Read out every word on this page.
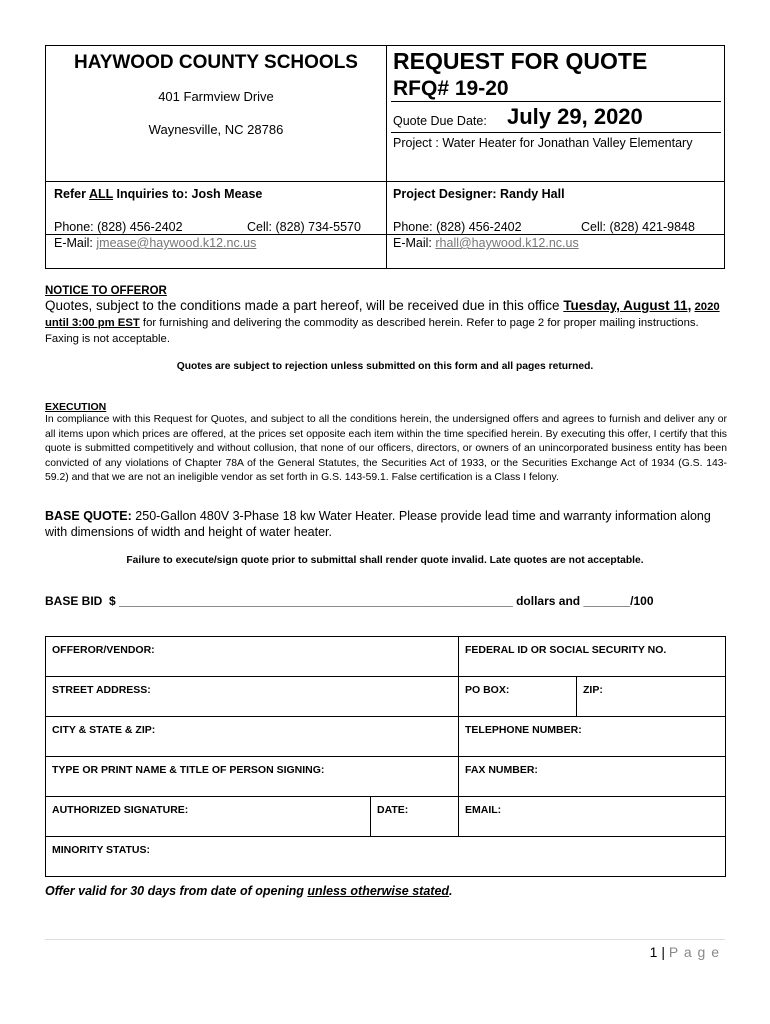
HAYWOOD COUNTY SCHOOLS
401 Farmview Drive
Waynesville, NC 28786
REQUEST FOR QUOTE
RFQ# 19-20
Quote Due Date: July 29, 2020
Project : Water Heater for Jonathan Valley Elementary
Refer ALL Inquiries to: Josh Mease
Phone: (828) 456-2402	Cell: (828) 734-5570
E-Mail: jmease@haywood.k12.nc.us
Project Designer: Randy Hall
Phone: (828) 456-2402	Cell: (828) 421-9848
E-Mail: rhall@haywood.k12.nc.us
NOTICE TO OFFEROR
Quotes, subject to the conditions made a part hereof, will be received due in this office Tuesday, August 11, 2020 until 3:00 pm EST for furnishing and delivering the commodity as described herein. Refer to page 2 for proper mailing instructions. Faxing is not acceptable.
Quotes are subject to rejection unless submitted on this form and all pages returned.
EXECUTION
In compliance with this Request for Quotes, and subject to all the conditions herein, the undersigned offers and agrees to furnish and deliver any or all items upon which prices are offered, at the prices set opposite each item within the time specified herein. By executing this offer, I certify that this quote is submitted competitively and without collusion, that none of our officers, directors, or owners of an unincorporated business entity has been convicted of any violations of Chapter 78A of the General Statutes, the Securities Act of 1933, or the Securities Exchange Act of 1934 (G.S. 143-59.2) and that we are not an ineligible vendor as set forth in G.S. 143-59.1. False certification is a Class I felony.
BASE QUOTE: 250-Gallon 480V 3-Phase 18 kw Water Heater. Please provide lead time and warranty information along with dimensions of width and height of water heater.
Failure to execute/sign quote prior to submittal shall render quote invalid. Late quotes are not acceptable.
BASE BID  $ ___________________________________________________________ dollars and _______/100
OFFEROR/VENDOR:		FEDERAL ID OR SOCIAL SECURITY NO.	
STREET ADDRESS:		PO BOX:	ZIP:
CITY & STATE & ZIP:		TELEPHONE NUMBER:	
TYPE OR PRINT NAME & TITLE OF PERSON SIGNING:		FAX NUMBER:	
AUTHORIZED SIGNATURE:	DATE:	EMAIL:	
MINORITY STATUS:			
Offer valid for 30 days from date of opening unless otherwise stated.
1 | P a g e
